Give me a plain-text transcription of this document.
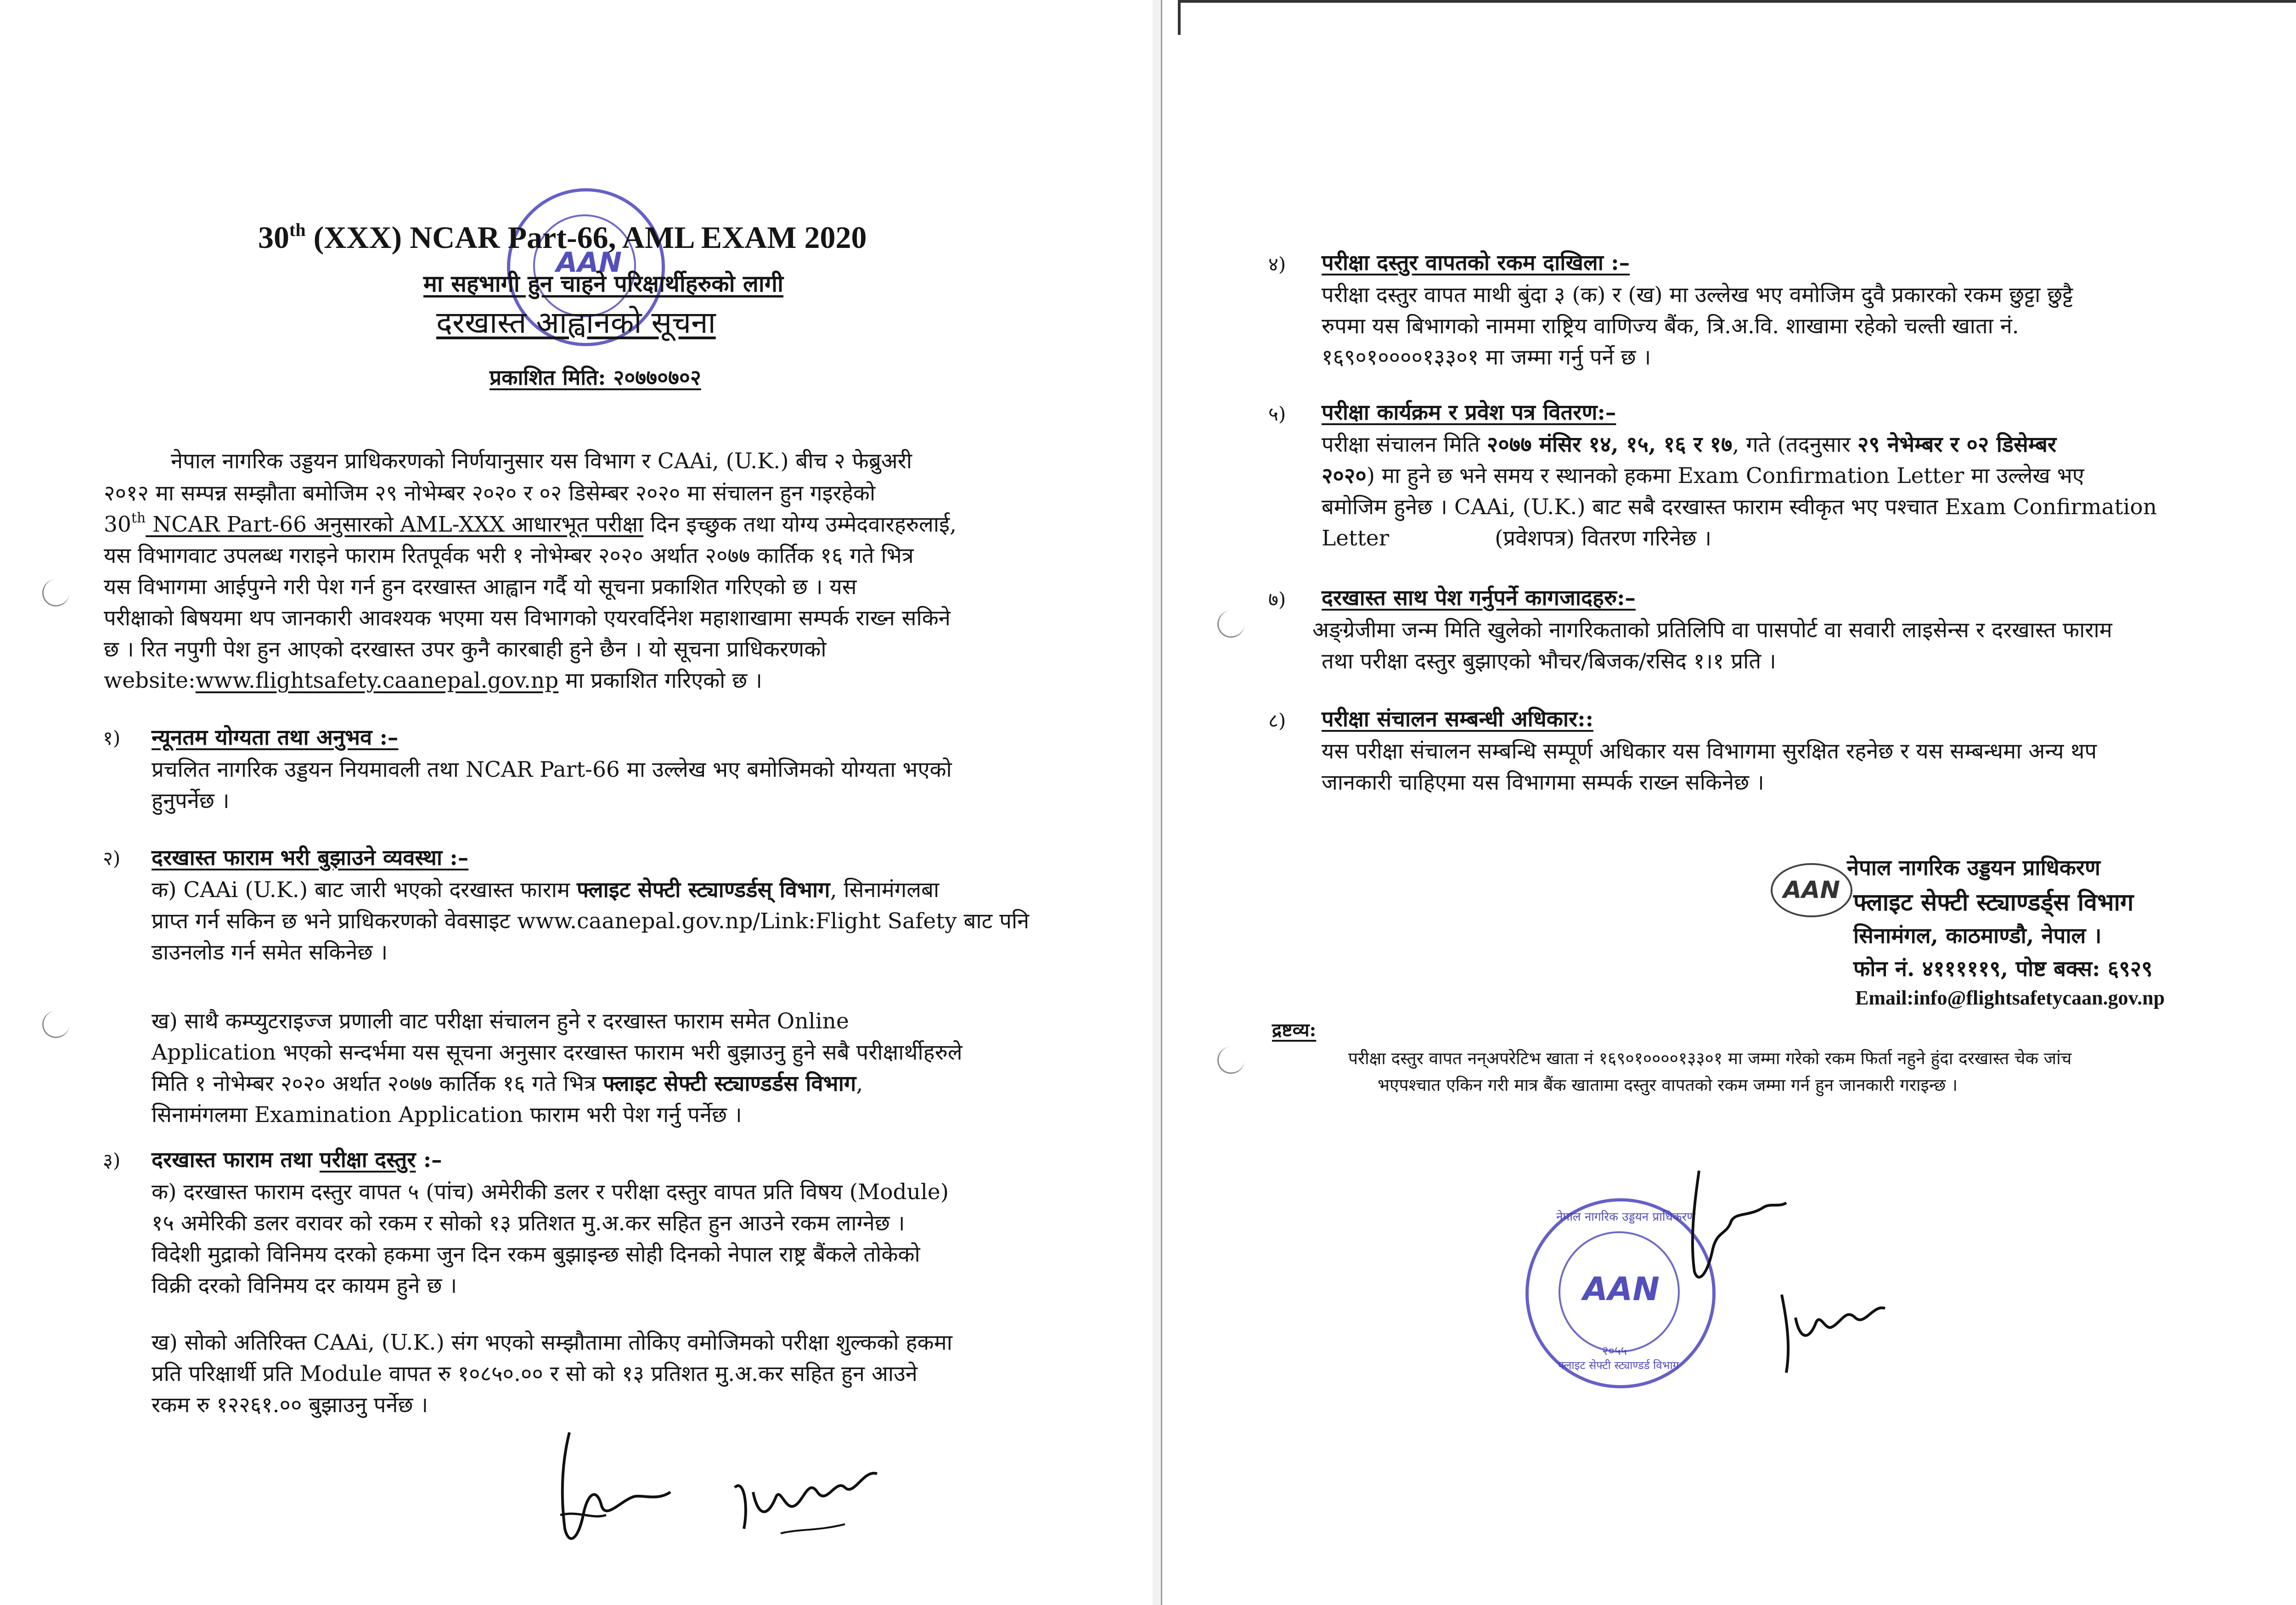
AAN
30th (XXX) NCAR Part-66, AML EXAM 2020
मा सहभागी हुन चाहने परिक्षार्थीहरुको लागी
दरखास्त आह्वानको सूचना
प्रकाशित मिति: २०७७०७०२
नेपाल नागरिक उड्डयन प्राधिकरणको निर्णयानुसार यस विभाग र CAAi, (U.K.) बीच २ फेब्रुअरी
२०१२ मा सम्पन्न सम्झौता बमोजिम २९ नोभेम्बर २०२० र ०२ डिसेम्बर २०२० मा संचालन हुन गइरहेको
30th NCAR Part-66 अनुसारको AML-XXX आधारभूत परीक्षा दिन इच्छुक तथा योग्य उम्मेदवारहरुलाई,
यस विभागवाट उपलब्ध गराइने फाराम रितपूर्वक भरी १ नोभेम्बर २०२० अर्थात २०७७ कार्तिक १६ गते भित्र
यस विभागमा आईपुग्ने गरी पेश गर्न हुन दरखास्त आह्वान गर्दै यो सूचना प्रकाशित गरिएको छ । यस
परीक्षाको बिषयमा थप जानकारी आवश्यक भएमा यस विभागको एयरवर्दिनेश महाशाखामा सम्पर्क राख्न सकिने
छ । रित नपुगी पेश हुन आएको दरखास्त उपर कुनै कारबाही हुने छैन । यो सूचना प्राधिकरणको
website:www.flightsafety.caanepal.gov.np मा प्रकाशित गरिएको छ ।
१) न्यूनतम योग्यता तथा अनुभव :–
प्रचलित नागरिक उड्डयन नियमावली तथा NCAR Part-66 मा उल्लेख भए बमोजिमको योग्यता भएको
हुनुपर्नेछ ।
२) दरखास्त फाराम भरी बुझाउने व्यवस्था :–
क) CAAi (U.K.) बाट जारी भएको दरखास्त फाराम फ्लाइट सेफ्टी स्ट्याण्डर्डस् विभाग, सिनामंगलबा
प्राप्त गर्न सकिन छ भने प्राधिकरणको वेवसाइट www.caanepal.gov.np/Link:Flight Safety बाट पनि
डाउनलोड गर्न समेत सकिनेछ ।
ख) साथै कम्प्युटराइज्ज प्रणाली वाट परीक्षा संचालन हुने र दरखास्त फाराम समेत Online
Application भएको सन्दर्भमा यस सूचना अनुसार दरखास्त फाराम भरी बुझाउनु हुने सबै परीक्षार्थीहरुले
मिति १ नोभेम्बर २०२० अर्थात २०७७ कार्तिक १६ गते भित्र फ्लाइट सेफ्टी स्ट्याण्डर्डस विभाग,
सिनामंगलमा Examination Application फाराम भरी पेश गर्नु पर्नेछ ।
३) दरखास्त फाराम तथा परीक्षा दस्तुर :–
क) दरखास्त फाराम दस्तुर वापत ५ (पांच) अमेरीकी डलर र परीक्षा दस्तुर वापत प्रति विषय (Module)
१५ अमेरिकी डलर वरावर को रकम र सोको १३ प्रतिशत मु.अ.कर सहित हुन आउने रकम लाग्नेछ ।
विदेशी मुद्राको विनिमय दरको हकमा जुन दिन रकम बुझाइन्छ सोही दिनको नेपाल राष्ट्र बैंकले तोकेको
विक्री दरको विनिमय दर कायम हुने छ ।
ख) सोको अतिरिक्त CAAi, (U.K.) संग भएको सम्झौतामा तोकिए वमोजिमको परीक्षा शुल्कको हकमा
प्रति परिक्षार्थी प्रति Module वापत रु १०८५०.०० र सो को १३ प्रतिशत मु.अ.कर सहित हुन आउने
रकम रु १२२६१.०० बुझाउनु पर्नेछ ।
४) परीक्षा दस्तुर वापतको रकम दाखिला :–
परीक्षा दस्तुर वापत माथी बुंदा ३ (क) र (ख) मा उल्लेख भए वमोजिम दुवै प्रकारको रकम छुट्टा छुट्टै
रुपमा यस बिभागको नाममा राष्ट्रिय वाणिज्य बैंक, त्रि.अ.वि. शाखामा रहेको चल्ती खाता नं.
१६९०१००००१३३०१ मा जम्मा गर्नु पर्ने छ ।
५) परीक्षा कार्यक्रम र प्रवेश पत्र वितरण:–
परीक्षा संचालन मिति २०७७ मंसिर १४, १५, १६ र १७, गते (तदनुसार २९ नेभेम्बर र ०२ डिसेम्बर
२०२०) मा हुने छ भने समय र स्थानको हकमा Exam Confirmation Letter मा उल्लेख भए
बमोजिम हुनेछ । CAAi, (U.K.) बाट सबै दरखास्त फाराम स्वीकृत भए पश्चात Exam Confirmation
Letter	(प्रवेशपत्र) वितरण गरिनेछ ।
७) दरखास्त साथ पेश गर्नुपर्ने कागजादहरु:–
अङ्ग्रेजीमा जन्म मिति खुलेको नागरिकताको प्रतिलिपि वा पासपोर्ट वा सवारी लाइसेन्स र दरखास्त फाराम
तथा परीक्षा दस्तुर बुझाएको भौचर/बिजक/रसिद १।१ प्रति ।
८) परीक्षा संचालन सम्बन्धी अधिकार::
यस परीक्षा संचालन सम्बन्धि सम्पूर्ण अधिकार यस विभागमा सुरक्षित रहनेछ र यस सम्बन्धमा अन्य थप
जानकारी चाहिएमा यस विभागमा सम्पर्क राख्न सकिनेछ ।
AAN
नेपाल नागरिक उड्डयन प्राधिकरण
फ्लाइट सेफ्टी स्ट्याण्डर्ड्स विभाग
सिनामंगल, काठमाण्डौ, नेपाल ।
फोन नं. ४१११११९, पोष्ट बक्स: ६९२९
Email:info@flightsafetycaan.gov.np
द्रष्टव्य:
परीक्षा दस्तुर वापत नन्अपरेटिभ खाता नं १६९०१००००१३३०१ मा जम्मा गरेको रकम फिर्ता नहुने हुंदा दरखास्त चेक जांच
भएपश्चात एकिन गरी मात्र बैंक खातामा दस्तुर वापतको रकम जम्मा गर्न हुन जानकारी गराइन्छ ।
AAN
नेपाल नागरिक उड्डयन प्राधिकरण
फ्लाइट सेफ्टी स्ट्याण्डर्ड विभाग
२०५५
